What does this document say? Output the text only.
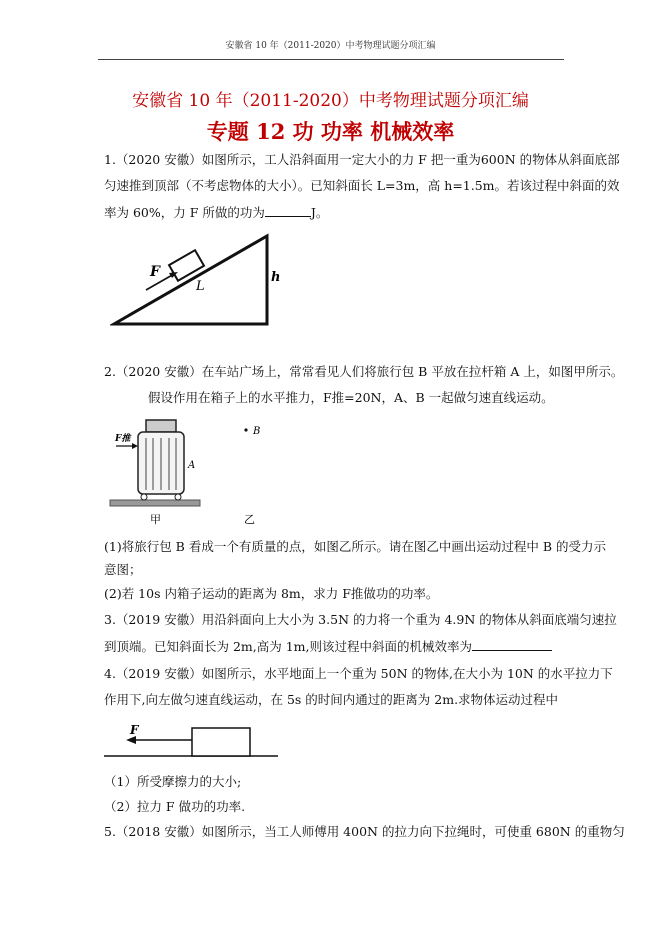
安徽省 10 年（2011-2020）中考物理试题分项汇编
安徽省 10 年（2011-2020）中考物理试题分项汇编
专题 12 功 功率 机械效率
1.（2020 安徽）如图所示，工人沿斜面用一定大小的力 F 把一重为600N 的物体从斜面底部
匀速推到顶部（不考虑物体的大小）。已知斜面长 L=3m，高 h=1.5m。若该过程中斜面的效
率为 60%，力 F 所做的功为	J。
F
L
h
2.（2020 安徽）在车站广场上，常常看见人们将旅行包 B 平放在拉杆箱 A 上，如图甲所示。
假设作用在箱子上的水平推力，F推=20N，A、B 一起做匀速直线运动。
F推
A
甲
B
乙
(1)将旅行包 B 看成一个有质量的点，如图乙所示。请在图乙中画出运动过程中 B 的受力示
意图；
(2)若 10s 内箱子运动的距离为 8m，求力 F推做功的功率。
3.（2019 安徽）用沿斜面向上大小为 3.5N 的力将一个重为 4.9N 的物体从斜面底端匀速拉
到顶端。已知斜面长为 2m,高为 1m,则该过程中斜面的机械效率为
4.（2019 安徽）如图所示，水平地面上一个重为 50N 的物体,在大小为 10N 的水平拉力下
作用下,向左做匀速直线运动，在 5s 的时间内通过的距离为 2m.求物体运动过程中
F
（1）所受摩擦力的大小;
（2）拉力 F 做功的功率.
5.（2018 安徽）如图所示，当工人师傅用 400N 的拉力向下拉绳时，可使重 680N 的重物匀
